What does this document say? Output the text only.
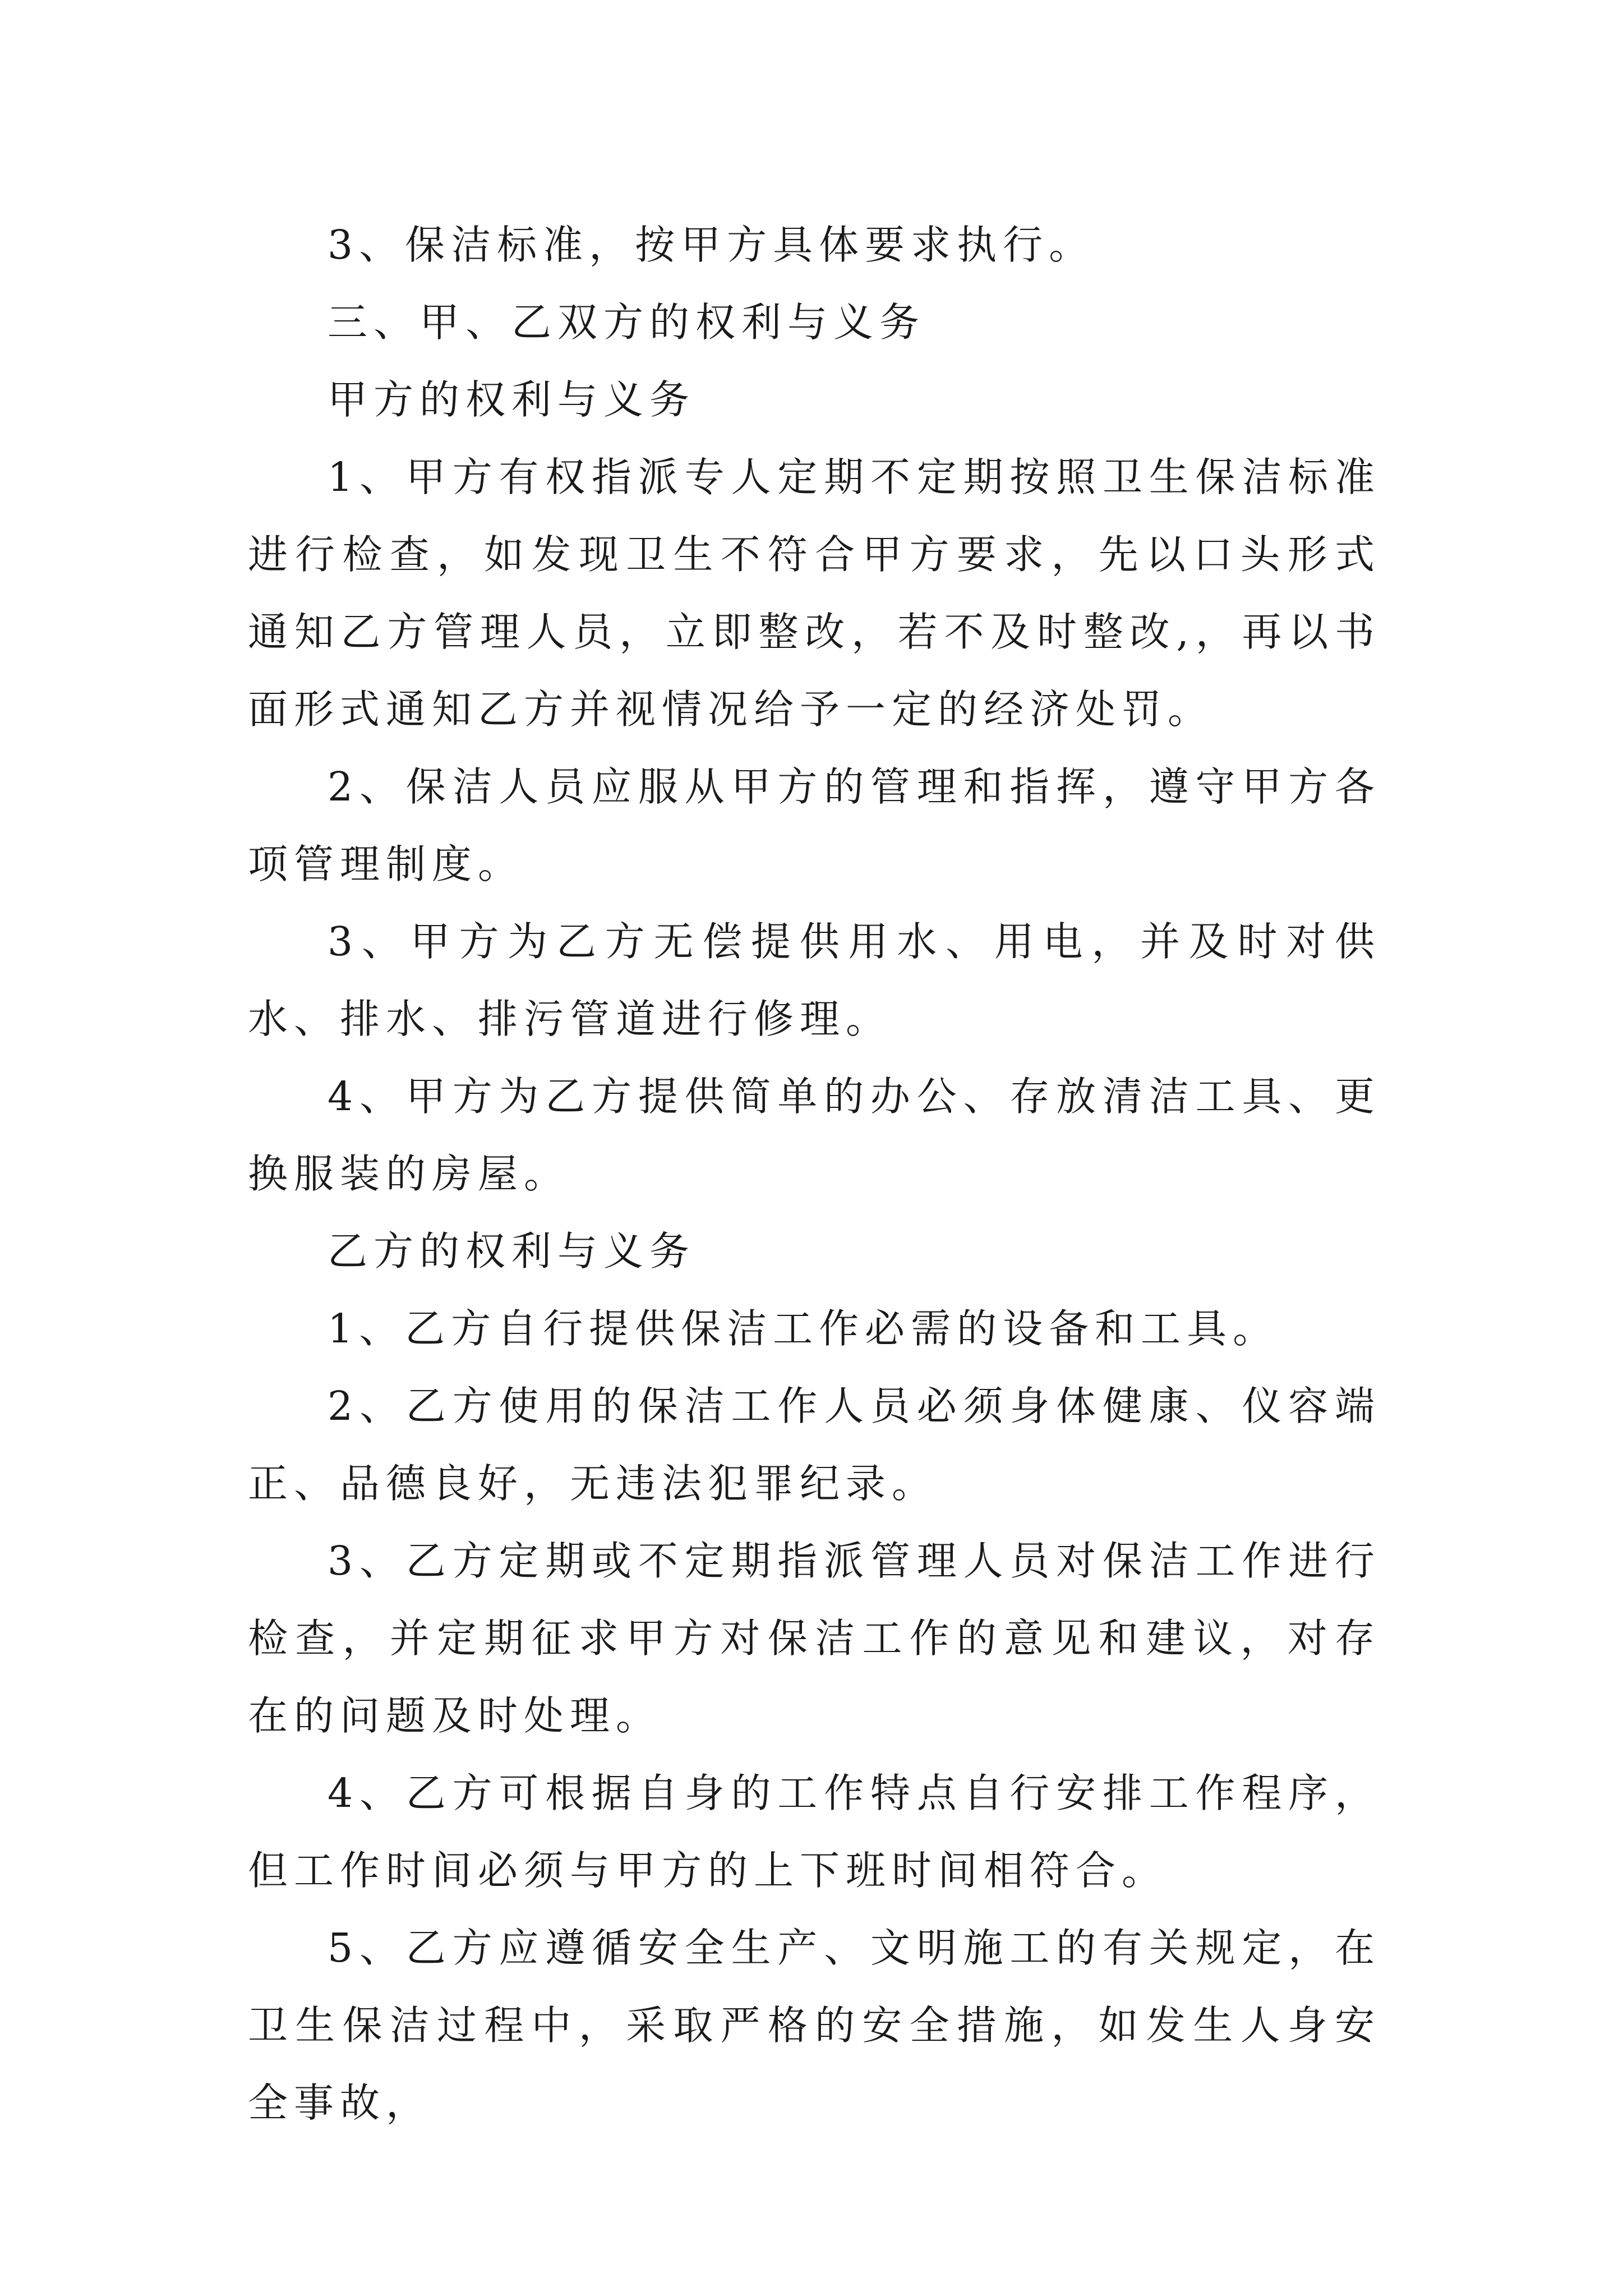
3、保洁标准，按甲方具体要求执行。

三、甲、乙双方的权利与义务

甲方的权利与义务

1、甲方有权指派专人定期不定期按照卫生保洁标准进行检查，如发现卫生不符合甲方要求，先以口头形式通知乙方管理人员，立即整改，若不及时整改,，再以书面形式通知乙方并视情况给予一定的经济处罚。

2、保洁人员应服从甲方的管理和指挥，遵守甲方各项管理制度。

3、甲方为乙方无偿提供用水、用电，并及时对供水、排水、排污管道进行修理。

4、甲方为乙方提供简单的办公、存放清洁工具、更换服装的房屋。

乙方的权利与义务

1、乙方自行提供保洁工作必需的设备和工具。

2、乙方使用的保洁工作人员必须身体健康、仪容端正、品德良好，无违法犯罪纪录。

3、乙方定期或不定期指派管理人员对保洁工作进行检查，并定期征求甲方对保洁工作的意见和建议，对存在的问题及时处理。

4、乙方可根据自身的工作特点自行安排工作程序，但工作时间必须与甲方的上下班时间相符合。

5、乙方应遵循安全生产、文明施工的有关规定，在卫生保洁过程中，采取严格的安全措施，如发生人身安全事故，
